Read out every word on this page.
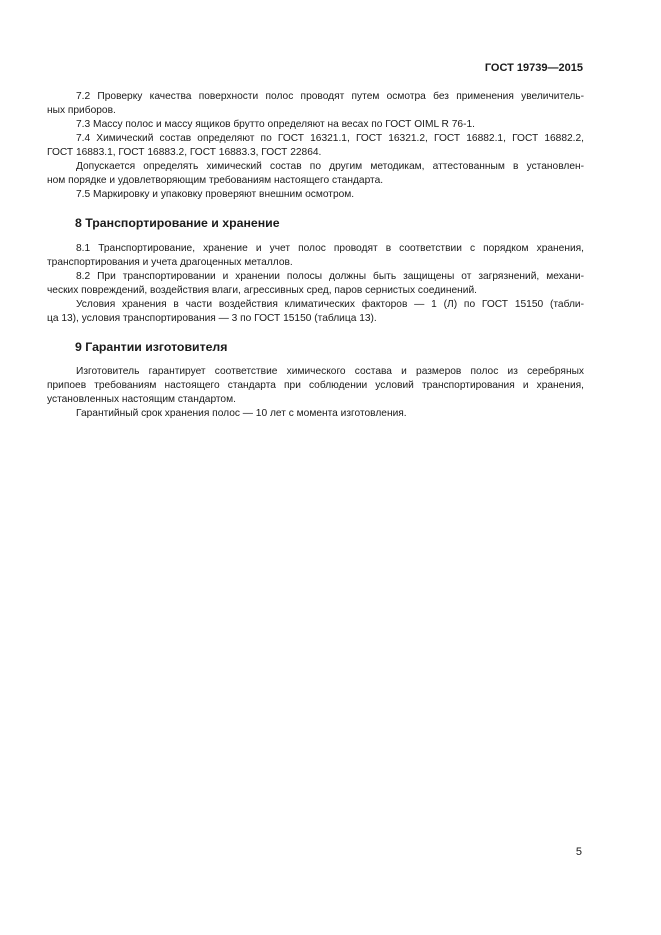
ГОСТ 19739—2015
7.2 Проверку качества поверхности полос проводят путем осмотра без применения увеличитель-
ных приборов.
7.3 Массу полос и массу ящиков брутто определяют на весах по ГОСТ OIML R 76-1.
7.4 Химический состав определяют по ГОСТ 16321.1, ГОСТ 16321.2, ГОСТ 16882.1, ГОСТ 16882.2,
ГОСТ 16883.1, ГОСТ 16883.2, ГОСТ 16883.3, ГОСТ 22864.
Допускается определять химический состав по другим методикам, аттестованным в установлен-
ном порядке и удовлетворяющим требованиям настоящего стандарта.
7.5 Маркировку и упаковку проверяют внешним осмотром.
8 Транспортирование и хранение
8.1 Транспортирование, хранение и учет полос проводят в соответствии с порядком хранения,
транспортирования и учета драгоценных металлов.
8.2 При транспортировании и хранении полосы должны быть защищены от загрязнений, механи-
ческих повреждений, воздействия влаги, агрессивных сред, паров сернистых соединений.
Условия хранения в части воздействия климатических факторов — 1 (Л) по ГОСТ 15150 (табли-
ца 13), условия транспортирования — 3 по ГОСТ 15150 (таблица 13).
9 Гарантии изготовителя
Изготовитель гарантирует соответствие химического состава и размеров полос из серебряных
припоев требованиям настоящего стандарта при соблюдении условий транспортирования и хранения,
установленных настоящим стандартом.
Гарантийный срок хранения полос — 10 лет с момента изготовления.
5
